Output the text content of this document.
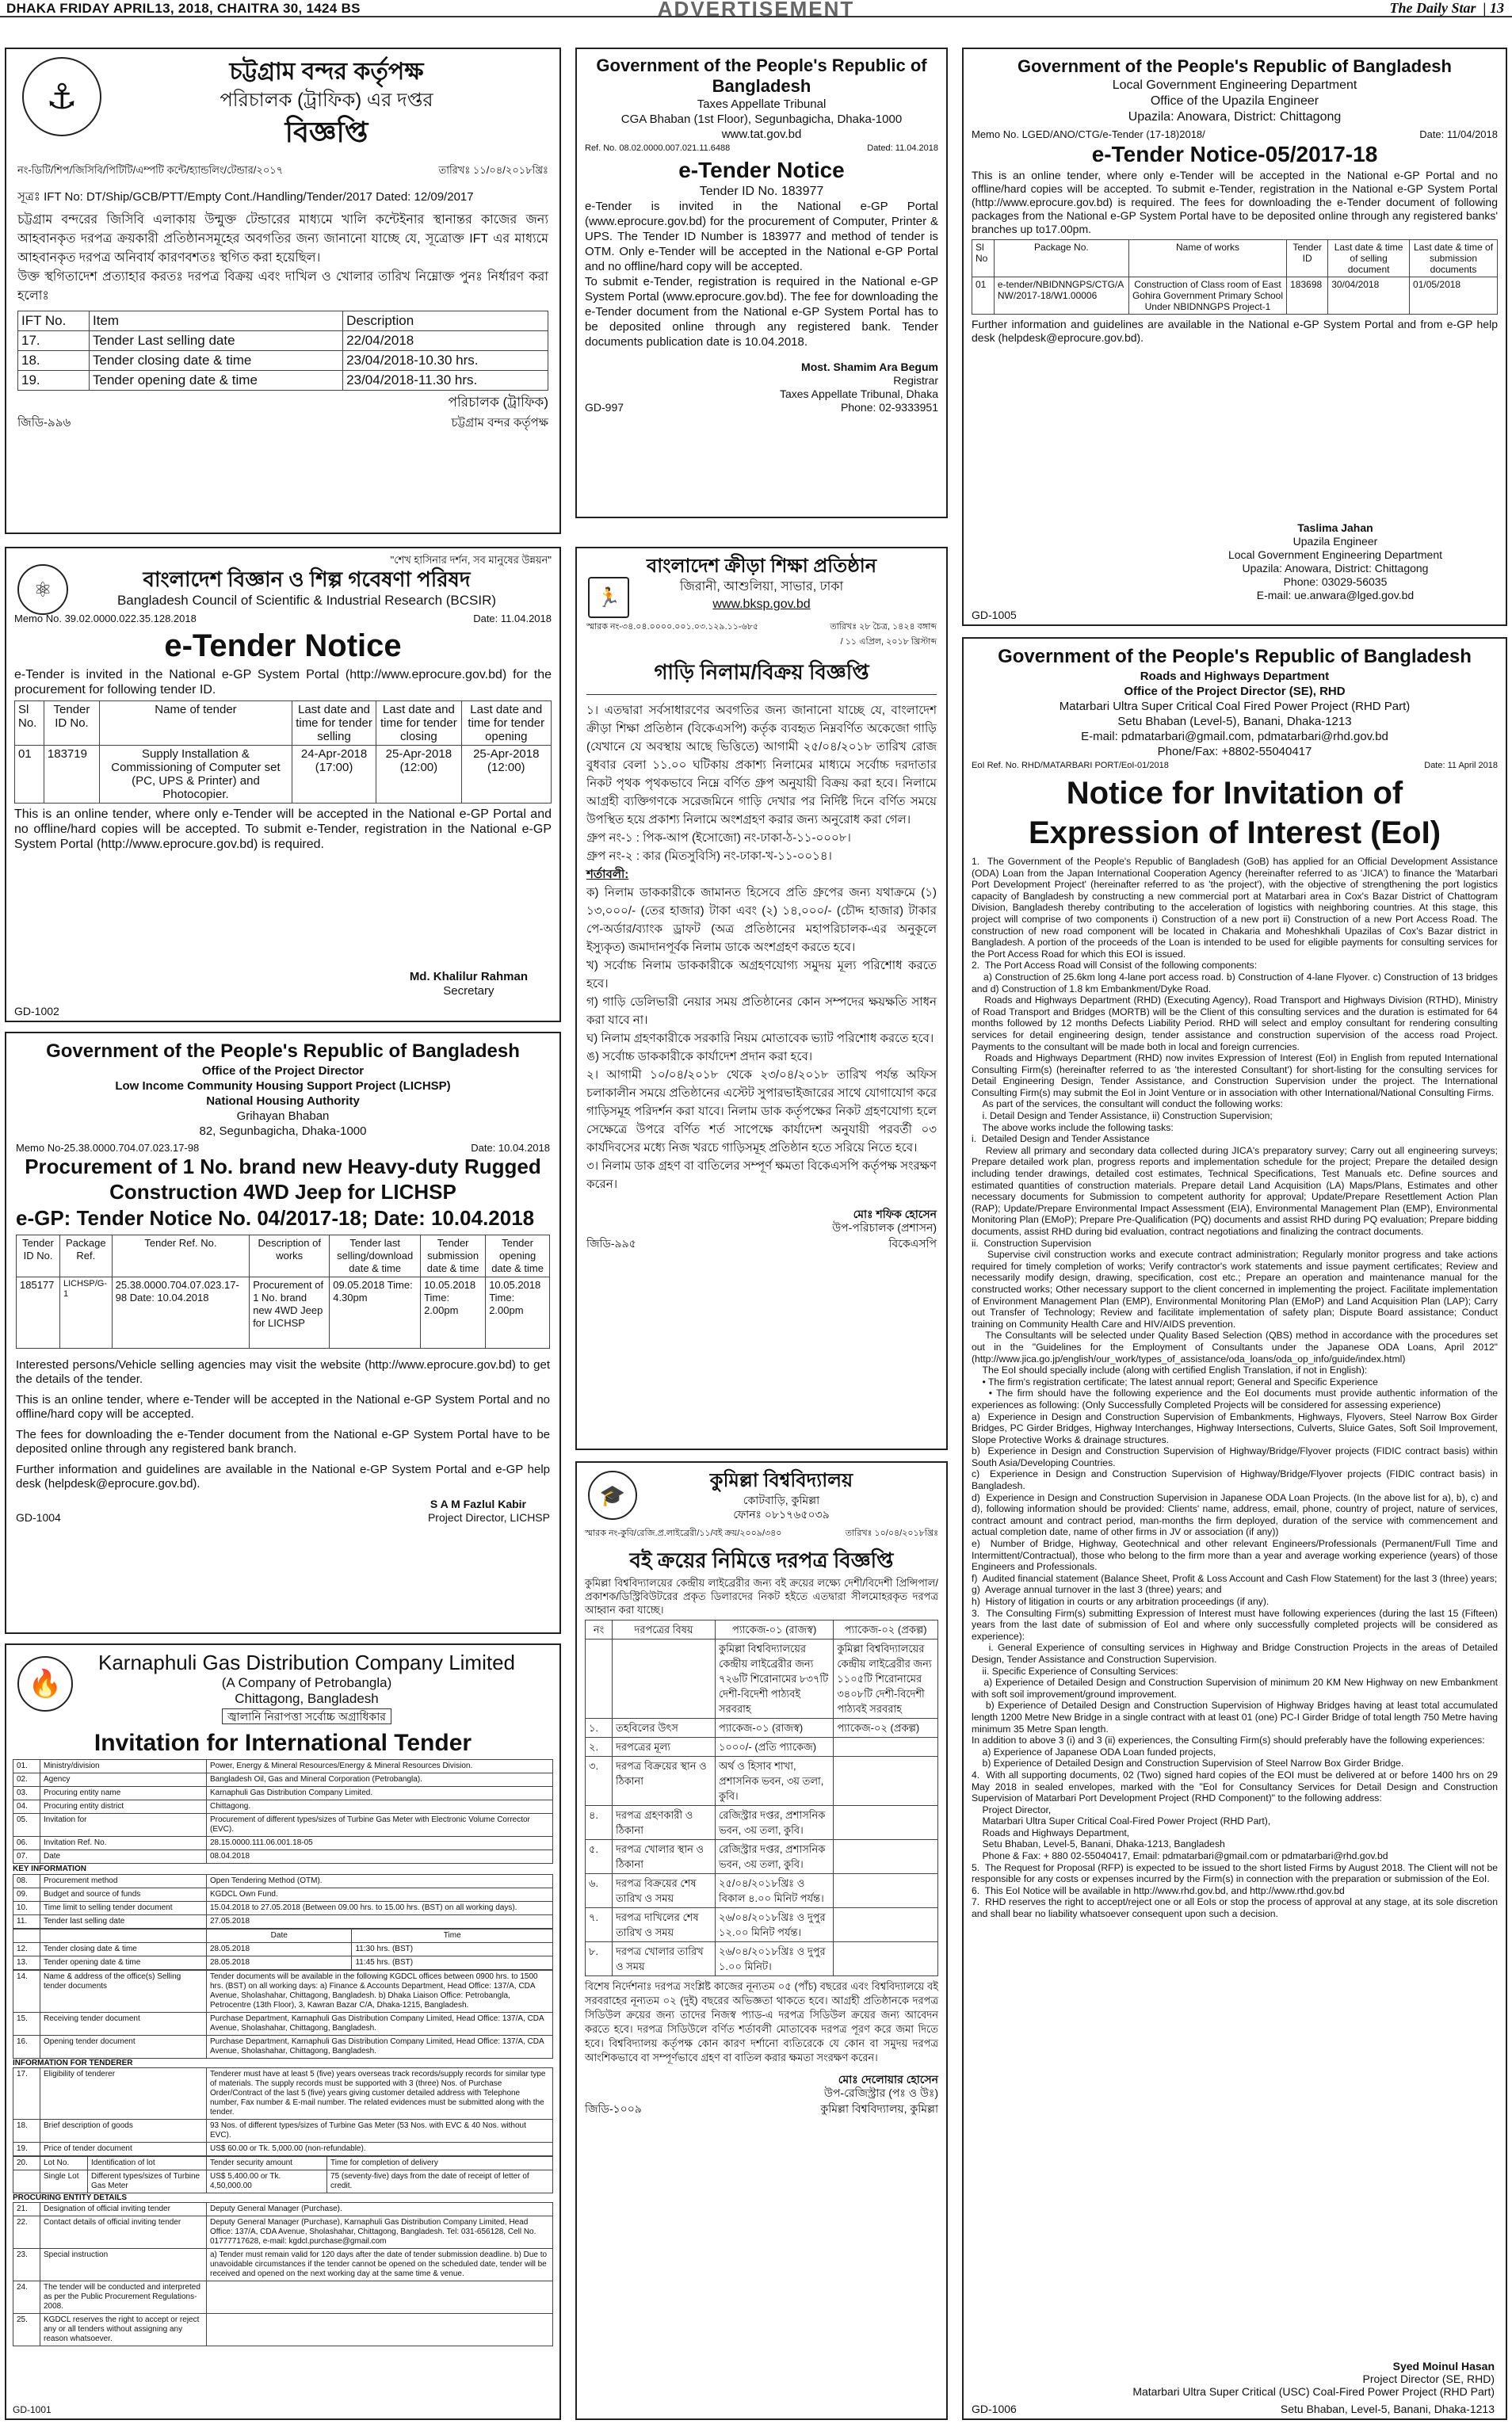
DHAKA FRIDAY APRIL13, 2018, CHAITRA 30, 1424 BS	ADVERTISEMENT	The Daily Star  | 13
⚓
চট্টগ্রাম বন্দর কর্তৃপক্ষ
পরিচালক (ট্রাফিক) এর দপ্তর
বিজ্ঞপ্তি
নং-ডিটি/শিপ/জিসিবি/পিটিটি/এম্পটি কন্টে/হ্যান্ডলিং/টেন্ডার/২০১৭	তারিখঃ ১১/০৪/২০১৮খ্রিঃ
সূত্রঃ IFT No: DT/Ship/GCB/PTT/Empty Cont./Handling/Tender/2017 Dated: 12/09/2017
চট্টগ্রাম বন্দরের জিসিবি এলাকায় উন্মুক্ত টেন্ডারের মাধ্যমে খালি কন্টেইনার স্থানান্তর কাজের জন্য আহবানকৃত দরপত্র ক্রয়কারী প্রতিষ্ঠানসমূহের অবগতির জন্য জানানো যাচ্ছে যে, সূত্রোক্ত IFT এর মাধ্যমে আহবানকৃত দরপত্র অনিবার্য কারণবশতঃ স্থগিত করা হয়েছিল।
উক্ত স্থগিতাদেশ প্রত্যাহার করতঃ দরপত্র বিক্রয় এবং দাখিল ও খোলার তারিখ নিম্নোক্ত পুনঃ নির্ধারণ করা হলোঃ
IFT No.	Item	Description
17.	Tender Last selling date	22/04/2018
18.	Tender closing date & time	23/04/2018-10.30 hrs.
19.	Tender opening date & time	23/04/2018-11.30 hrs.
পরিচালক (ট্রাফিক)
জিডি-৯৯৬	চট্টগ্রাম বন্দর কর্তৃপক্ষ
Government of the People's Republic of Bangladesh
Taxes Appellate Tribunal
CGA Bhaban (1st Floor), Segunbagicha, Dhaka-1000
www.tat.gov.bd
Ref. No. 08.02.0000.007.021.11.6488	Dated: 11.04.2018
e-Tender Notice
Tender ID No. 183977
e-Tender is invited in the National e-GP Portal (www.eprocure.gov.bd) for the procurement of Computer, Printer & UPS. The Tender ID Number is 183977 and method of tender is OTM. Only e-Tender will be accepted in the National e-GP Portal and no offline/hard copy will be accepted.
To submit e-Tender, registration is required in the National e-GP System Portal (www.eprocure.gov.bd). The fee for downloading the e-Tender document from the National e-GP System Portal has to be deposited online through any registered bank. Tender documents publication date is 10.04.2018.
Most. Shamim Ara Begum
Registrar
Taxes Appellate Tribunal, Dhaka
GD-997	Phone: 02-9333951
Government of the People's Republic of Bangladesh
Local Government Engineering Department
Office of the Upazila Engineer
Upazila: Anowara, District: Chittagong
Memo No. LGED/ANO/CTG/e-Tender (17-18)2018/	Date: 11/04/2018
e-Tender Notice-05/2017-18
This is an online tender, where only e-Tender will be accepted in the National e-GP Portal and no offline/hard copies will be accepted. To submit e-Tender, registration in the National e-GP System Portal (http://www.eprocure.gov.bd) is required. The fees for downloading the e-Tender document of following packages from the National e-GP System Portal have to be deposited online through any registered banks' branches up to17.00pm.
Sl No	Package No.	Name of works	Tender ID	Last date & time of selling document	Last date & time of submission documents
01	e-tender/NBIDNNGPS/CTG/ANW/2017-18/W1.00006	Construction of Class room of East Gohira Government Primary School Under NBIDNNGPS Project-1	183698	30/04/2018	01/05/2018
Further information and guidelines are available in the National e-GP System Portal and from e-GP help desk (helpdesk@eprocure.gov.bd).
Taslima Jahan
Upazila Engineer
Local Government Engineering Department
Upazila: Anowara, District: Chittagong
Phone: 03029-56035
E-mail: ue.anwara@lged.gov.bd
GD-1005
"শেখ হাসিনার দর্শন, সব মানুষের উন্নয়ন"
⚛	বাংলাদেশ বিজ্ঞান ও শিল্প গবেষণা পরিষদ
Bangladesh Council of Scientific & Industrial Research (BCSIR)
Memo No. 39.02.0000.022.35.128.2018	Date: 11.04.2018
e-Tender Notice
e-Tender is invited in the National e-GP System Portal (http://www.eprocure.gov.bd) for the procurement for following tender ID.
Sl No.	Tender ID No.	Name of tender	Last date and time for tender selling	Last date and time for tender closing	Last date and time for tender opening
01	183719	Supply Installation & Commissioning of Computer set (PC, UPS & Printer) and Photocopier.	24-Apr-2018 (17:00)	25-Apr-2018 (12:00)	25-Apr-2018 (12:00)
This is an online tender, where only e-Tender will be accepted in the National e-GP Portal and no offline/hard copies will be accepted. To submit e-Tender, registration in the National e-GP System Portal (http://www.eprocure.gov.bd) is required.
Md. Khalilur Rahman
Secretary
GD-1002
🏃
বাংলাদেশ ক্রীড়া শিক্ষা প্রতিষ্ঠান
জিরানী, আশুলিয়া, সাভার, ঢাকা
www.bksp.gov.bd
স্মারক নং-৩৪.০৪.০০০০.০০১.০৩.১২৯.১১-৬৮৫	তারিখঃ ২৮ চৈত্র, ১৪২৪ বঙ্গাব্দ / ১১ এপ্রিল, ২০১৮ খ্রিস্টাব্দ
গাড়ি নিলাম/বিক্রয় বিজ্ঞপ্তি
১। এতদ্বারা সর্বসাধারণের অবগতির জন্য জানানো যাচ্ছে যে, বাংলাদেশ ক্রীড়া শিক্ষা প্রতিষ্ঠান (বিকেএসপি) কর্তৃক ব্যবহৃত নিম্নবর্ণিত অকেজো গাড়ি (যেখানে যে অবস্থায় আছে ভিত্তিতে) আগামী ২৫/০৪/২০১৮ তারিখ রোজ বুধবার বেলা ১১.০০ ঘটিকায় প্রকাশ্য নিলামের মাধ্যমে সর্বোচ্চ দরদাতার নিকট পৃথক পৃথকভাবে নিম্নে বর্ণিত গ্রুপ অনুযায়ী বিক্রয় করা হবে। নিলামে আগ্রহী ব্যক্তিগণকে সরেজমিনে গাড়ি দেখার পর নির্দিষ্ট দিনে বর্ণিত সময়ে উপস্থিত হয়ে প্রকাশ্য নিলামে অংশগ্রহণ করার জন্য অনুরোধ করা গেল।
গ্রুপ নং-১ : পিক-আপ (ইসোজো) নং-ঢাকা-ঠ-১১-০০০৮।
গ্রুপ নং-২ : কার (মিতসুবিসি) নং-ঢাকা-খ-১১-০০১৪।
শর্তাবলী:
ক) নিলাম ডাককারীকে জামানত হিসেবে প্রতি গ্রুপের জন্য যথাক্রমে (১) ১৩,০০০/- (তের হাজার) টাকা এবং (২) ১৪,০০০/- (চৌদ্দ হাজার) টাকার পে-অর্ডার/ব্যাংক ড্রাফট (অত্র প্রতিষ্ঠানের মহাপরিচালক-এর অনুকূলে ইস্যুকৃত) জমাদানপূর্বক নিলাম ডাকে অংশগ্রহণ করতে হবে।
খ) সর্বোচ্চ নিলাম ডাককারীকে অগ্রহণযোগ্য সমুদয় মূল্য পরিশোধ করতে হবে।
গ) গাড়ি ডেলিভারী নেয়ার সময় প্রতিষ্ঠানের কোন সম্পদের ক্ষয়ক্ষতি সাধন করা যাবে না।
ঘ) নিলাম গ্রহণকারীকে সরকারি নিয়ম মোতাবেক ভ্যাট পরিশোধ করতে হবে।
ঙ) সর্বোচ্চ ডাককারীকে কার্যাদেশ প্রদান করা হবে।
২। আগামী ১০/০৪/২০১৮ থেকে ২৩/০৪/২০১৮ তারিখ পর্যন্ত অফিস চলাকালীন সময়ে প্রতিষ্ঠানের এস্টেট সুপারভাইজারের সাথে যোগাযোগ করে গাড়িসমূহ পরিদর্শন করা যাবে। নিলাম ডাক কর্তৃপক্ষের নিকট গ্রহণযোগ্য হলে সেক্ষেত্রে উপরে বর্ণিত শর্ত সাপেক্ষে কার্যাদেশ অনুযায়ী পরবর্তী ০৩ কার্যদিবসের মধ্যে নিজ খরচে গাড়িসমূহ প্রতিষ্ঠান হতে সরিয়ে নিতে হবে।
৩। নিলাম ডাক গ্রহণ বা বাতিলের সম্পূর্ণ ক্ষমতা বিকেএসপি কর্তৃপক্ষ সংরক্ষণ করেন।
মোঃ শফিক হোসেন
উপ-পরিচালক (প্রশাসন)
জিডি-৯৯৫	বিকেএসপি
Government of the People's Republic of Bangladesh
Office of the Project Director
Low Income Community Housing Support Project (LICHSP)
National Housing Authority
Grihayan Bhaban
82, Segunbagicha, Dhaka-1000
Memo No-25.38.0000.704.07.023.17-98	Date: 10.04.2018
Procurement of 1 No. brand new Heavy-duty Rugged Construction 4WD Jeep for LICHSP
e-GP: Tender Notice No. 04/2017-18; Date: 10.04.2018
Tender ID No.	Package Ref.	Tender Ref. No.	Description of works	Tender last selling/download date & time	Tender submission date & time	Tender opening date & time
185177	LICHSP/G-1	25.38.0000.704.07.023.17-98 Date: 10.04.2018	Procurement of 1 No. brand new 4WD Jeep for LICHSP	09.05.2018 Time: 4.30pm	10.05.2018 Time: 2.00pm	10.05.2018 Time: 2.00pm
Interested persons/Vehicle selling agencies may visit the website (http://www.eprocure.gov.bd) to get the details of the tender.
This is an online tender, where e-Tender will be accepted in the National e-GP System Portal and no offline/hard copy will be accepted.
The fees for downloading the e-Tender document from the National e-GP System Portal have to be deposited online through any registered bank branch.
Further information and guidelines are available in the National e-GP System Portal and e-GP help desk (helpdesk@eprocure.gov.bd).
S A M Fazlul Kabir
GD-1004	Project Director, LICHSP
🔥
Karnaphuli Gas Distribution Company Limited
(A Company of Petrobangla)
Chittagong, Bangladesh
জ্বালানি নিরাপত্তা সর্বোচ্চ অগ্রাধিকার
Invitation for International Tender
01.	Ministry/division	Power, Energy & Mineral Resources/Energy & Mineral Resources Division.
02.	Agency	Bangladesh Oil, Gas and Mineral Corporation (Petrobangla).
03.	Procuring entity name	Karnaphuli Gas Distribution Company Limited.
04.	Procuring entity district	Chittagong.
05.	Invitation for	Procurement of different types/sizes of Turbine Gas Meter with Electronic Volume Corrector (EVC).
06.	Invitation Ref. No.	28.15.0000.111.06.001.18-05
07.	Date	08.04.2018
KEY INFORMATION
08.	Procurement method	Open Tendering Method (OTM).
09.	Budget and source of funds	KGDCL Own Fund.
10.	Time limit to selling tender document	15.04.2018 to 27.05.2018 (Between 09.00 hrs. to 15.00 hrs. (BST) on all working days).
11.	Tender last selling date	27.05.2018
		Date	Time
12.	Tender closing date & time	28.05.2018	11:30 hrs. (BST)
13.	Tender opening date & time	28.05.2018	11:45 hrs. (BST)
14.	Name & address of the office(s) Selling tender documents	Tender documents will be available in the following KGDCL offices between 0900 hrs. to 1500 hrs. (BST) on all working days: a) Finance & Accounts Department, Head Office: 137/A, CDA Avenue, Sholashahar, Chittagong, Bangladesh. b) Dhaka Liaison Office: Petrobangla, Petrocentre (13th Floor), 3, Kawran Bazar C/A, Dhaka-1215, Bangladesh.
15.	Receiving tender document	Purchase Department, Karnaphuli Gas Distribution Company Limited, Head Office: 137/A, CDA Avenue, Sholashahar, Chittagong, Bangladesh.
16.	Opening tender document	Purchase Department, Karnaphuli Gas Distribution Company Limited, Head Office: 137/A, CDA Avenue, Sholashahar, Chittagong, Bangladesh.
INFORMATION FOR TENDERER
17.	Eligibility of tenderer	Tenderer must have at least 5 (five) years overseas track records/supply records for similar type of materials. The supply records must be supported with 3 (three) Nos. of Purchase Order/Contract of the last 5 (five) years giving customer detailed address with Telephone number, Fax number & E-mail number. The related evidences must be submitted along with the tender.
18.	Brief description of goods	93 Nos. of different types/sizes of Turbine Gas Meter (53 Nos. with EVC & 40 Nos. without EVC).
19.	Price of tender document	US$ 60.00 or Tk. 5,000.00 (non-refundable).
20.	Lot No.	Identification of lot	Tender security amount	Time for completion of delivery
	Single Lot	Different types/sizes of Turbine Gas Meter	US$ 5,400.00 or Tk. 4,50,000.00	75 (seventy-five) days from the date of receipt of letter of credit.
PROCURING ENTITY DETAILS
21.	Designation of official inviting tender	Deputy General Manager (Purchase).
22.	Contact details of official inviting tender	Deputy General Manager (Purchase), Karnaphuli Gas Distribution Company Limited, Head Office: 137/A, CDA Avenue, Sholashahar, Chittagong, Bangladesh. Tel: 031-656128, Cell No. 01777717628, e-mail: kgdcl.purchase@gmail.com
23.	Special instruction	a) Tender must remain valid for 120 days after the date of tender submission deadline. b) Due to unavoidable circumstances if the tender cannot be opened on the scheduled date, tender will be received and opened on the next working day at the same time & venue.
24.	The tender will be conducted and interpreted as per the Public Procurement Regulations-2008.	
25.	KGDCL reserves the right to accept or reject any or all tenders without assigning any reason whatsoever.	
GD-1001
🎓
কুমিল্লা বিশ্ববিদ্যালয়
কোটবাড়ি, কুমিল্লা
ফোনঃ ০৮১৭৬৫০৩৯
স্মারক নং-কুবি/রেজি.প্র.লাইব্রেরী/১১/বই ক্রয়/২০০৯/৩৪০	তারিখঃ ১০/০৪/২০১৮খ্রিঃ
বই ক্রয়ের নিমিত্তে দরপত্র বিজ্ঞপ্তি
কুমিল্লা বিশ্ববিদ্যালয়ের কেন্দ্রীয় লাইব্রেরীর জন্য বই ক্রয়ের লক্ষ্যে দেশী/বিদেশী প্রিন্সিপাল/প্রকাশক/ডিস্ট্রিবিউটরের প্রকৃত ডিলারদের নিকট হইতে এতদ্বারা সীলমোহরকৃত দরপত্র আহ্বান করা যাচ্ছে।
নং	দরপত্রের বিষয়	প্যাকেজ-০১ (রাজস্ব)	প্যাকেজ-০২ (প্রকল্প)
		কুমিল্লা বিশ্ববিদ্যালয়ের কেন্দ্রীয় লাইব্রেরীর জন্য ৭২৬টি শিরোনামের ৮৩৭টি দেশী-বিদেশী পাঠ্যবই সরবরাহ	কুমিল্লা বিশ্ববিদ্যালয়ের কেন্দ্রীয় লাইব্রেরীর জন্য ১১০৫টি শিরোনামের ৩৪০৮টি দেশী-বিদেশী পাঠ্যবই সরবরাহ
১.	তহবিলের উৎস	প্যাকেজ-০১ (রাজস্ব)	প্যাকেজ-০২ (প্রকল্প)
২.	দরপত্রের মূল্য	১০০০/- (প্রতি প্যাকেজ)	
৩.	দরপত্র বিক্রয়ের স্থান ও ঠিকানা	অর্থ ও হিসাব শাখা, প্রশাসনিক ভবন, ৩য় তলা, কুবি।	
৪.	দরপত্র গ্রহণকারী ও ঠিকানা	রেজিস্ট্রার দপ্তর, প্রশাসনিক ভবন, ৩য় তলা, কুবি।	
৫.	দরপত্র খোলার স্থান ও ঠিকানা	রেজিস্ট্রার দপ্তর, প্রশাসনিক ভবন, ৩য় তলা, কুবি।	
৬.	দরপত্র বিক্রয়ের শেষ তারিখ ও সময়	২৫/০৪/২০১৮খ্রিঃ ও বিকাল ৪.০০ মিনিট পর্যন্ত।	
৭.	দরপত্র দাখিলের শেষ তারিখ ও সময়	২৬/০৪/২০১৮খ্রিঃ ও দুপুর ১২.০০ মিনিট পর্যন্ত।	
৮.	দরপত্র খোলার তারিখ ও সময়	২৬/০৪/২০১৮খ্রিঃ ও দুপুর ১.০০ মিনিট।	
বিশেষ নির্দেশনাঃ দরপত্র সংশ্লিষ্ট কাজের নূন্যতম ০৫ (পাঁচ) বছরের এবং বিশ্ববিদ্যালয়ে বই সরবরাহের নূন্যতম ০২ (দুই) বছরের অভিজ্ঞতা থাকতে হবে। আগ্রহী প্রতিষ্ঠানকে দরপত্র সিডিউল ক্রয়ের জন্য তাদের নিজস্ব প্যাড-এ দরপত্র সিডিউল ক্রয়ের জন্য আবেদন করতে হবে। দরপত্র সিডিউলে বর্ণিত শর্তাবলী মোতাবেক দরপত্র পূরণ করে জমা দিতে হবে। বিশ্ববিদ্যালয় কর্তৃপক্ষ কোন কারণ দর্শানো ব্যতিরেকে যে কোন বা সমুদয় দরপত্র আংশিকভাবে বা সম্পূর্ণভাবে গ্রহণ বা বাতিল করার ক্ষমতা সংরক্ষণ করেন।
মোঃ দেলোয়ার হোসেন
উপ-রেজিস্ট্রার (পঃ ও উঃ)
জিডি-১০০৯	কুমিল্লা বিশ্ববিদ্যালয়, কুমিল্লা
Government of the People's Republic of Bangladesh
Roads and Highways Department
Office of the Project Director (SE), RHD
Matarbari Ultra Super Critical Coal Fired Power Project (RHD Part)
Setu Bhaban (Level-5), Banani, Dhaka-1213
E-mail: pdmatarbari@gmail.com, pdmatarbari@rhd.gov.bd
Phone/Fax: +8802-55040417
EoI Ref. No. RHD/MATARBARI PORT/EoI-01/2018	Date: 11 April 2018
Notice for Invitation of Expression of Interest (EoI)
1.  The Government of the People's Republic of Bangladesh (GoB) has applied for an Official Development Assistance (ODA) Loan from the Japan International Cooperation Agency (hereinafter referred to as 'JICA') to finance the 'Matarbari Port Development Project' (hereinafter referred to as 'the project'), with the objective of strengthening the port logistics capacity of Bangladesh by constructing a new commercial port at Matarbari area in Cox's Bazar District of Chattogram Division, Bangladesh thereby contributing to the acceleration of logistics with neighboring countries. At this stage, this project will comprise of two components i) Construction of a new port ii) Construction of a new Port Access Road. The construction of new road component will be located in Chakaria and Moheshkhali Upazilas of Cox's Bazar district in Bangladesh. A portion of the proceeds of the Loan is intended to be used for eligible payments for consulting services for the Port Access Road for which this EOI is issued.
2.  The Port Access Road will Consist of the following components:
a) Construction of 25.6km long 4-lane port access road. b) Construction of 4-lane Flyover. c) Construction of 13 bridges and d) Construction of 1.8 km Embankment/Dyke Road.
Roads and Highways Department (RHD) (Executing Agency), Road Transport and Highways Division (RTHD), Ministry of Road Transport and Bridges (MORTB) will be the Client of this consulting services and the duration is estimated for 64 months followed by 12 months Defects Liability Period. RHD will select and employ consultant for rendering consulting services for detail engineering design, tender assistance and construction supervision of the access road Project. Payments to the consultant will be made both in local and foreign currencies.
Roads and Highways Department (RHD) now invites Expression of Interest (EoI) in English from reputed International Consulting Firm(s) (hereinafter referred to as 'the interested Consultant') for short-listing for the consulting services for Detail Engineering Design, Tender Assistance, and Construction Supervision under the project. The International Consulting Firm(s) may submit the EoI in Joint Venture or in association with other International/National Consulting Firms.
As part of the services, the consultant will conduct the following works:
i. Detail Design and Tender Assistance, ii) Construction Supervision;
The above works include the following tasks:
i.  Detailed Design and Tender Assistance
Review all primary and secondary data collected during JICA's preparatory survey; Carry out all engineering surveys; Prepare detailed work plan, progress reports and implementation schedule for the project; Prepare the detailed design including tender drawings, detailed cost estimates, Technical Specifications, Test Manuals etc. Define sources and estimated quantities of construction materials. Prepare detail Land Acquisition (LA) Maps/Plans, Estimates and other necessary documents for Submission to competent authority for approval; Update/Prepare Resettlement Action Plan (RAP); Update/Prepare Environmental Impact Assessment (EIA), Environmental Management Plan (EMP), Environmental Monitoring Plan (EMoP); Prepare Pre-Qualification (PQ) documents and assist RHD during PQ evaluation; Prepare bidding documents, assist RHD during bid evaluation, contract negotiations and finalizing the contract documents.
ii.  Construction Supervision
Supervise civil construction works and execute contract administration; Regularly monitor progress and take actions required for timely completion of works; Verify contractor's work statements and issue payment certificates; Review and necessarily modify design, drawing, specification, cost etc.; Prepare an operation and maintenance manual for the constructed works; Other necessary support to the client concerned in implementing the project. Facilitate implementation of Environment Management Plan (EMP), Environmental Monitoring Plan (EMoP) and Land Acquisition Plan (LAP); Carry out Transfer of Technology; Review and facilitate implementation of safety plan; Dispute Board assistance; Conduct training on Community Health Care and HIV/AIDS prevention.
The Consultants will be selected under Quality Based Selection (QBS) method in accordance with the procedures set out in the "Guidelines for the Employment of Consultants under the Japanese ODA Loans, April 2012" (http://www.jica.go.jp/english/our_work/types_of_assistance/oda_loans/oda_op_info/guide/index.html)
The EoI should specially include (along with certified English Translation, if not in English):
• The firm's registration certificate; The latest annual report; General and Specific Experience
• The firm should have the following experience and the EoI documents must provide authentic information of the experiences as following: (Only Successfully Completed Projects will be considered for assessing experience)
a)  Experience in Design and Construction Supervision of Embankments, Highways, Flyovers, Steel Narrow Box Girder Bridges, PC Girder Bridges, Highway Interchanges, Highway Intersections, Culverts, Sluice Gates, Soft Soil Improvement, Slope Protective Works & drainage structures.
b)  Experience in Design and Construction Supervision of Highway/Bridge/Flyover projects (FIDIC contract basis) within South Asia/Developing Countries.
c)  Experience in Design and Construction Supervision of Highway/Bridge/Flyover projects (FIDIC contract basis) in Bangladesh.
d)  Experience in Design and Construction Supervision in Japanese ODA Loan Projects. (In the above list for a), b), c) and d), following information should be provided: Clients' name, address, email, phone, country of project, nature of services, contract amount and contract period, man-months the firm deployed, duration of the service with commencement and actual completion date, name of other firms in JV or association (if any))
e)  Number of Bridge, Highway, Geotechnical and other relevant Engineers/Professionals (Permanent/Full Time and Intermittent/Contractual), those who belong to the firm more than a year and average working experience (years) of those Engineers and Professionals.
f)  Audited financial statement (Balance Sheet, Profit & Loss Account and Cash Flow Statement) for the last 3 (three) years;
g)  Average annual turnover in the last 3 (three) years; and
h)  History of litigation in courts or any arbitration proceedings (if any).
3.  The Consulting Firm(s) submitting Expression of Interest must have following experiences (during the last 15 (Fifteen) years from the last date of submission of EoI and where only successfully completed projects will be considered as experience):
i. General Experience of consulting services in Highway and Bridge Construction Projects in the areas of Detailed Design, Tender Assistance and Construction Supervision.
ii. Specific Experience of Consulting Services:
a) Experience of Detailed Design and Construction Supervision of minimum 20 KM New Highway on new Embankment with soft soil improvement/ground improvement.
b) Experience of Detailed Design and Construction Supervision of Highway Bridges having at least total accumulated length 1200 Metre New Bridge in a single contract with at least 01 (one) PC-I Girder Bridge of total length 750 Metre having minimum 35 Metre Span length.
In addition to above 3 (i) and 3 (ii) experiences, the Consulting Firm(s) should preferably have the following experiences:
a) Experience of Japanese ODA Loan funded projects,
b) Experience of Detailed Design and Construction Supervision of Steel Narrow Box Girder Bridge.
4.  With all supporting documents, 02 (Two) signed hard copies of the EOI must be delivered at or before 1400 hrs on 29 May 2018 in sealed envelopes, marked with the "EoI for Consultancy Services for Detail Design and Construction Supervision of Matarbari Port Development Project (RHD Component)" to the following address:
Project Director,
Matarbari Ultra Super Critical Coal-Fired Power Project (RHD Part),
Roads and Highways Department,
Setu Bhaban, Level-5, Banani, Dhaka-1213, Bangladesh
Phone & Fax: + 880 02-55040417, Email: pdmatarbari@gmail.com or pdmatarbari@rhd.gov.bd
5.  The Request for Proposal (RFP) is expected to be issued to the short listed Firms by August 2018. The Client will not be responsible for any costs or expenses incurred by the Firm(s) in connection with the preparation or submission of the EoI.
6.  This EoI Notice will be available in http://www.rhd.gov.bd, and http://www.rthd.gov.bd
7.  RHD reserves the right to accept/reject one or all EoIs or stop the process of approval at any stage, at its sole discretion and shall bear no liability whatsoever consequent upon such a decision.
Syed Moinul Hasan
Project Director (SE, RHD)
Matarbari Ultra Super Critical (USC) Coal-Fired Power Project (RHD Part)
GD-1006	Setu Bhaban, Level-5, Banani, Dhaka-1213
